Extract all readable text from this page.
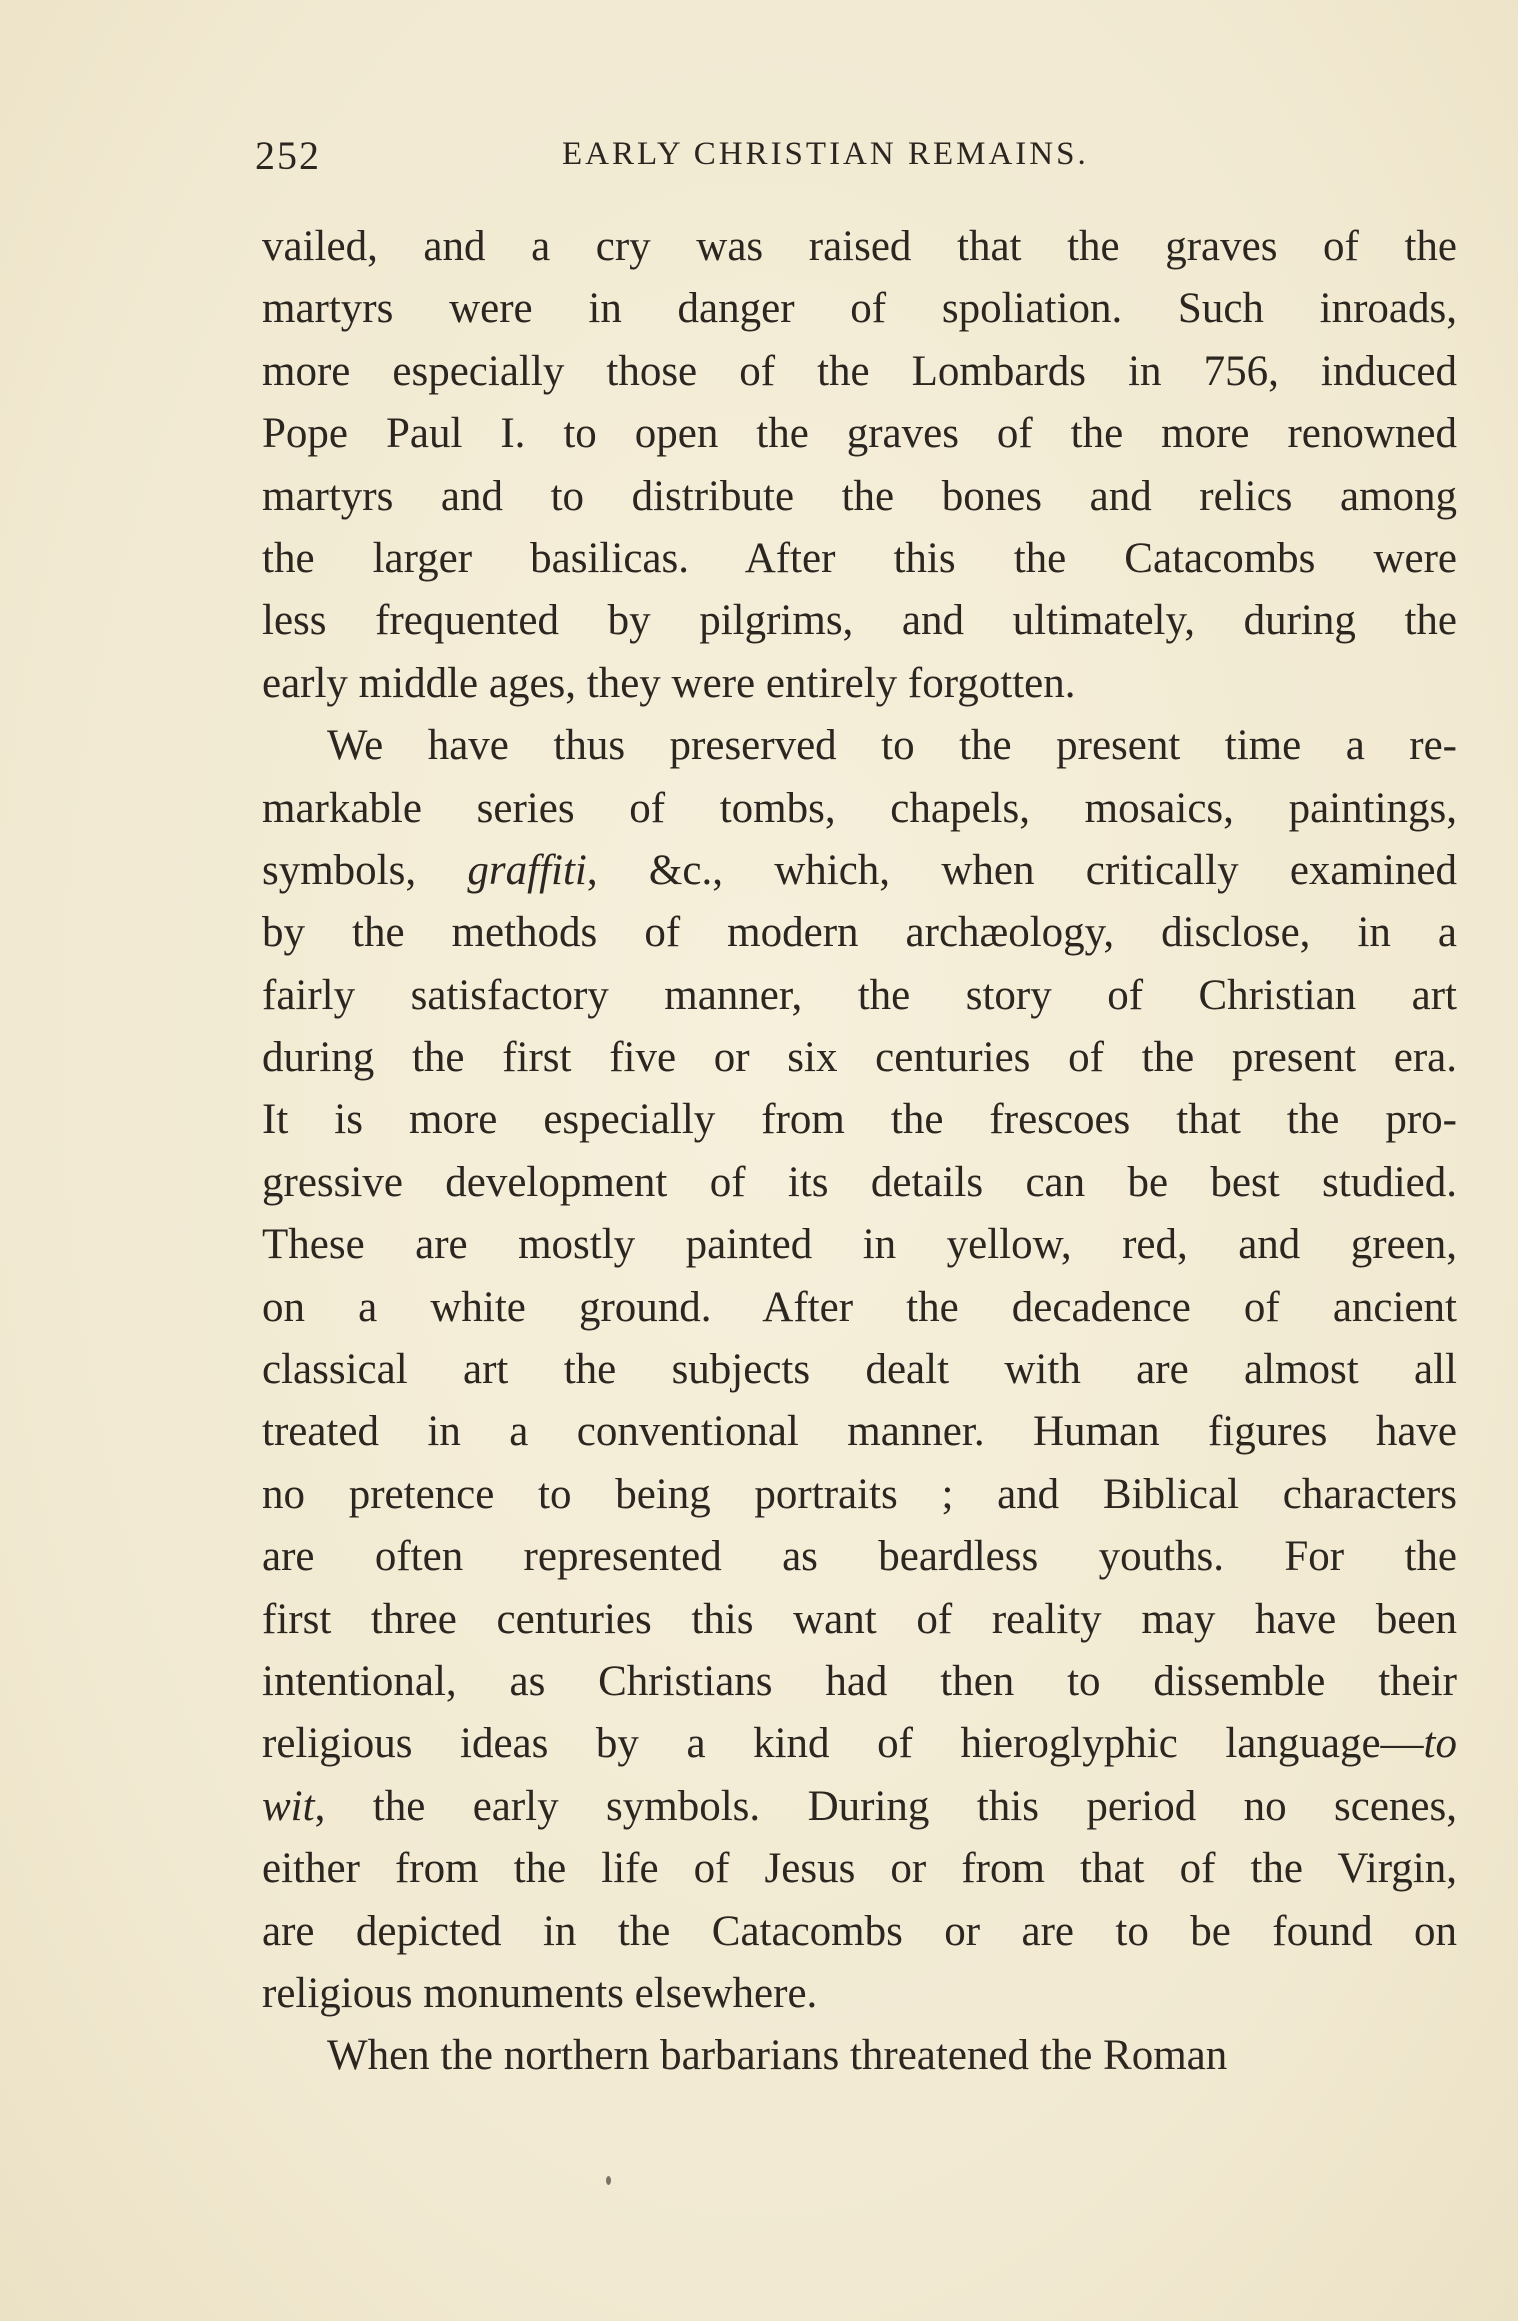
252	EARLY CHRISTIAN REMAINS.
vailed, and a cry was raised that the graves of the
martyrs were in danger of spoliation. Such inroads,
more especially those of the Lombards in 756, induced
Pope Paul I. to open the graves of the more renowned
martyrs and to distribute the bones and relics among
the larger basilicas. After this the Catacombs were
less frequented by pilgrims, and ultimately, during the
early middle ages, they were entirely forgotten.
We have thus preserved to the present time a re-
markable series of tombs, chapels, mosaics, paintings,
symbols, graffiti, &c., which, when critically examined
by the methods of modern archæology, disclose, in a
fairly satisfactory manner, the story of Christian art
during the first five or six centuries of the present era.
It is more especially from the frescoes that the pro-
gressive development of its details can be best studied.
These are mostly painted in yellow, red, and green,
on a white ground. After the decadence of ancient
classical art the subjects dealt with are almost all
treated in a conventional manner. Human figures have
no pretence to being portraits ; and Biblical characters
are often represented as beardless youths. For the
first three centuries this want of reality may have been
intentional, as Christians had then to dissemble their
religious ideas by a kind of hieroglyphic language—to
wit, the early symbols. During this period no scenes,
either from the life of Jesus or from that of the Virgin,
are depicted in the Catacombs or are to be found on
religious monuments elsewhere.
When the northern barbarians threatened the Roman
